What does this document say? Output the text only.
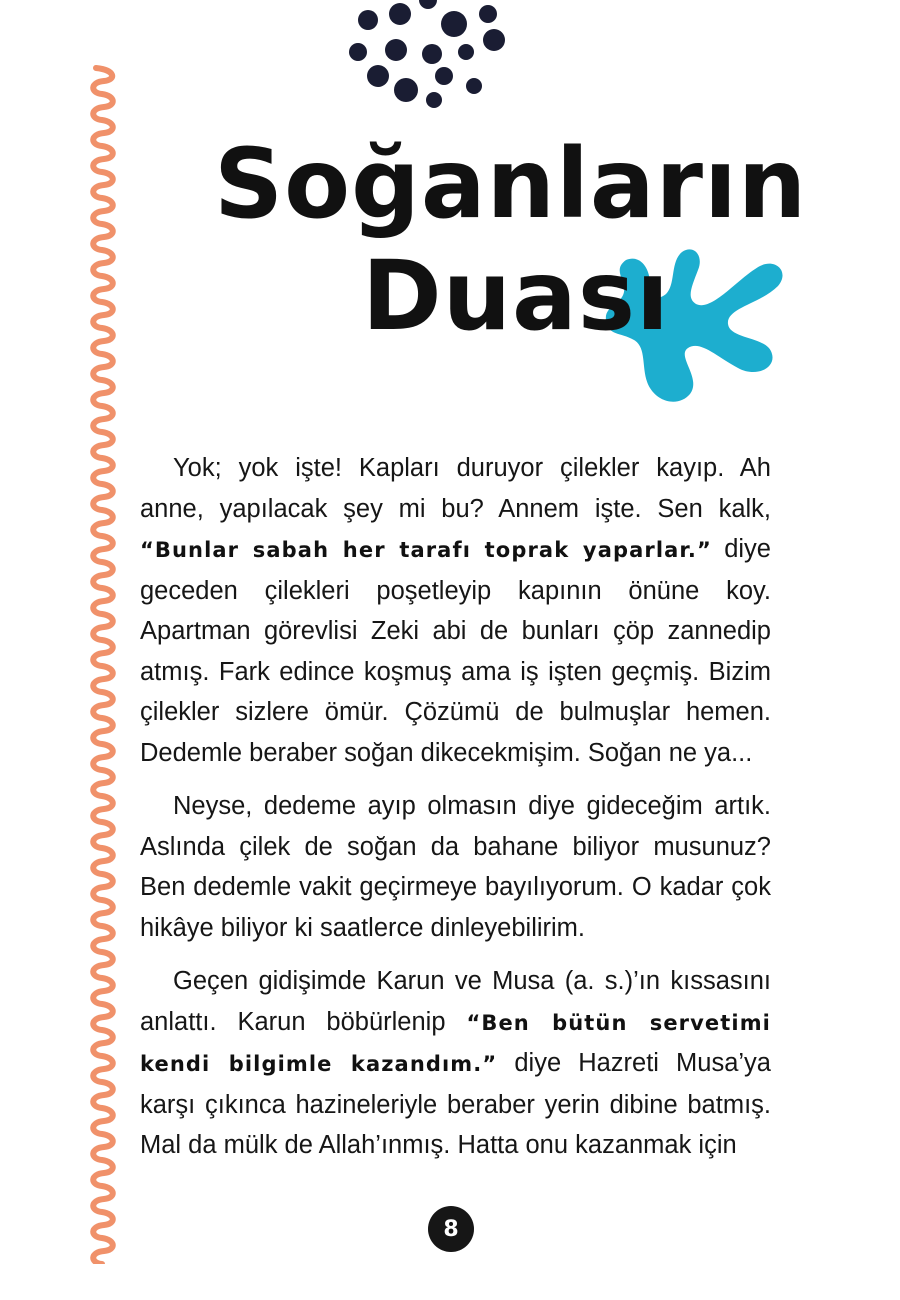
Soğanların
Duası

Yok; yok işte! Kapları duruyor çilekler kayıp. Ah anne, yapılacak şey mi bu? Annem işte. Sen kalk, “Bunlar sabah her tarafı toprak yaparlar.” diye geceden çilekleri poşetleyip kapının önüne koy. Apartman görevlisi Zeki abi de bunları çöp zannedip atmış. Fark edince koşmuş ama iş işten geçmiş. Bizim çilekler sizlere ömür. Çözümü de bulmuşlar hemen. Dedemle beraber soğan dikecekmişim. Soğan ne ya...

Neyse, dedeme ayıp olmasın diye gideceğim artık. Aslında çilek de soğan da bahane biliyor musunuz? Ben dedemle vakit geçirmeye bayılıyorum. O kadar çok hikâye biliyor ki saatlerce dinleyebilirim.

Geçen gidişimde Karun ve Musa (a. s.)’ın kıssasını anlattı. Karun böbürlenip “Ben bütün servetimi kendi bilgimle kazandım.” diye Hazreti Musa’ya karşı çıkınca hazineleriyle beraber yerin dibine batmış. Mal da mülk de Allah’ınmış. Hatta onu kazanmak için

8
